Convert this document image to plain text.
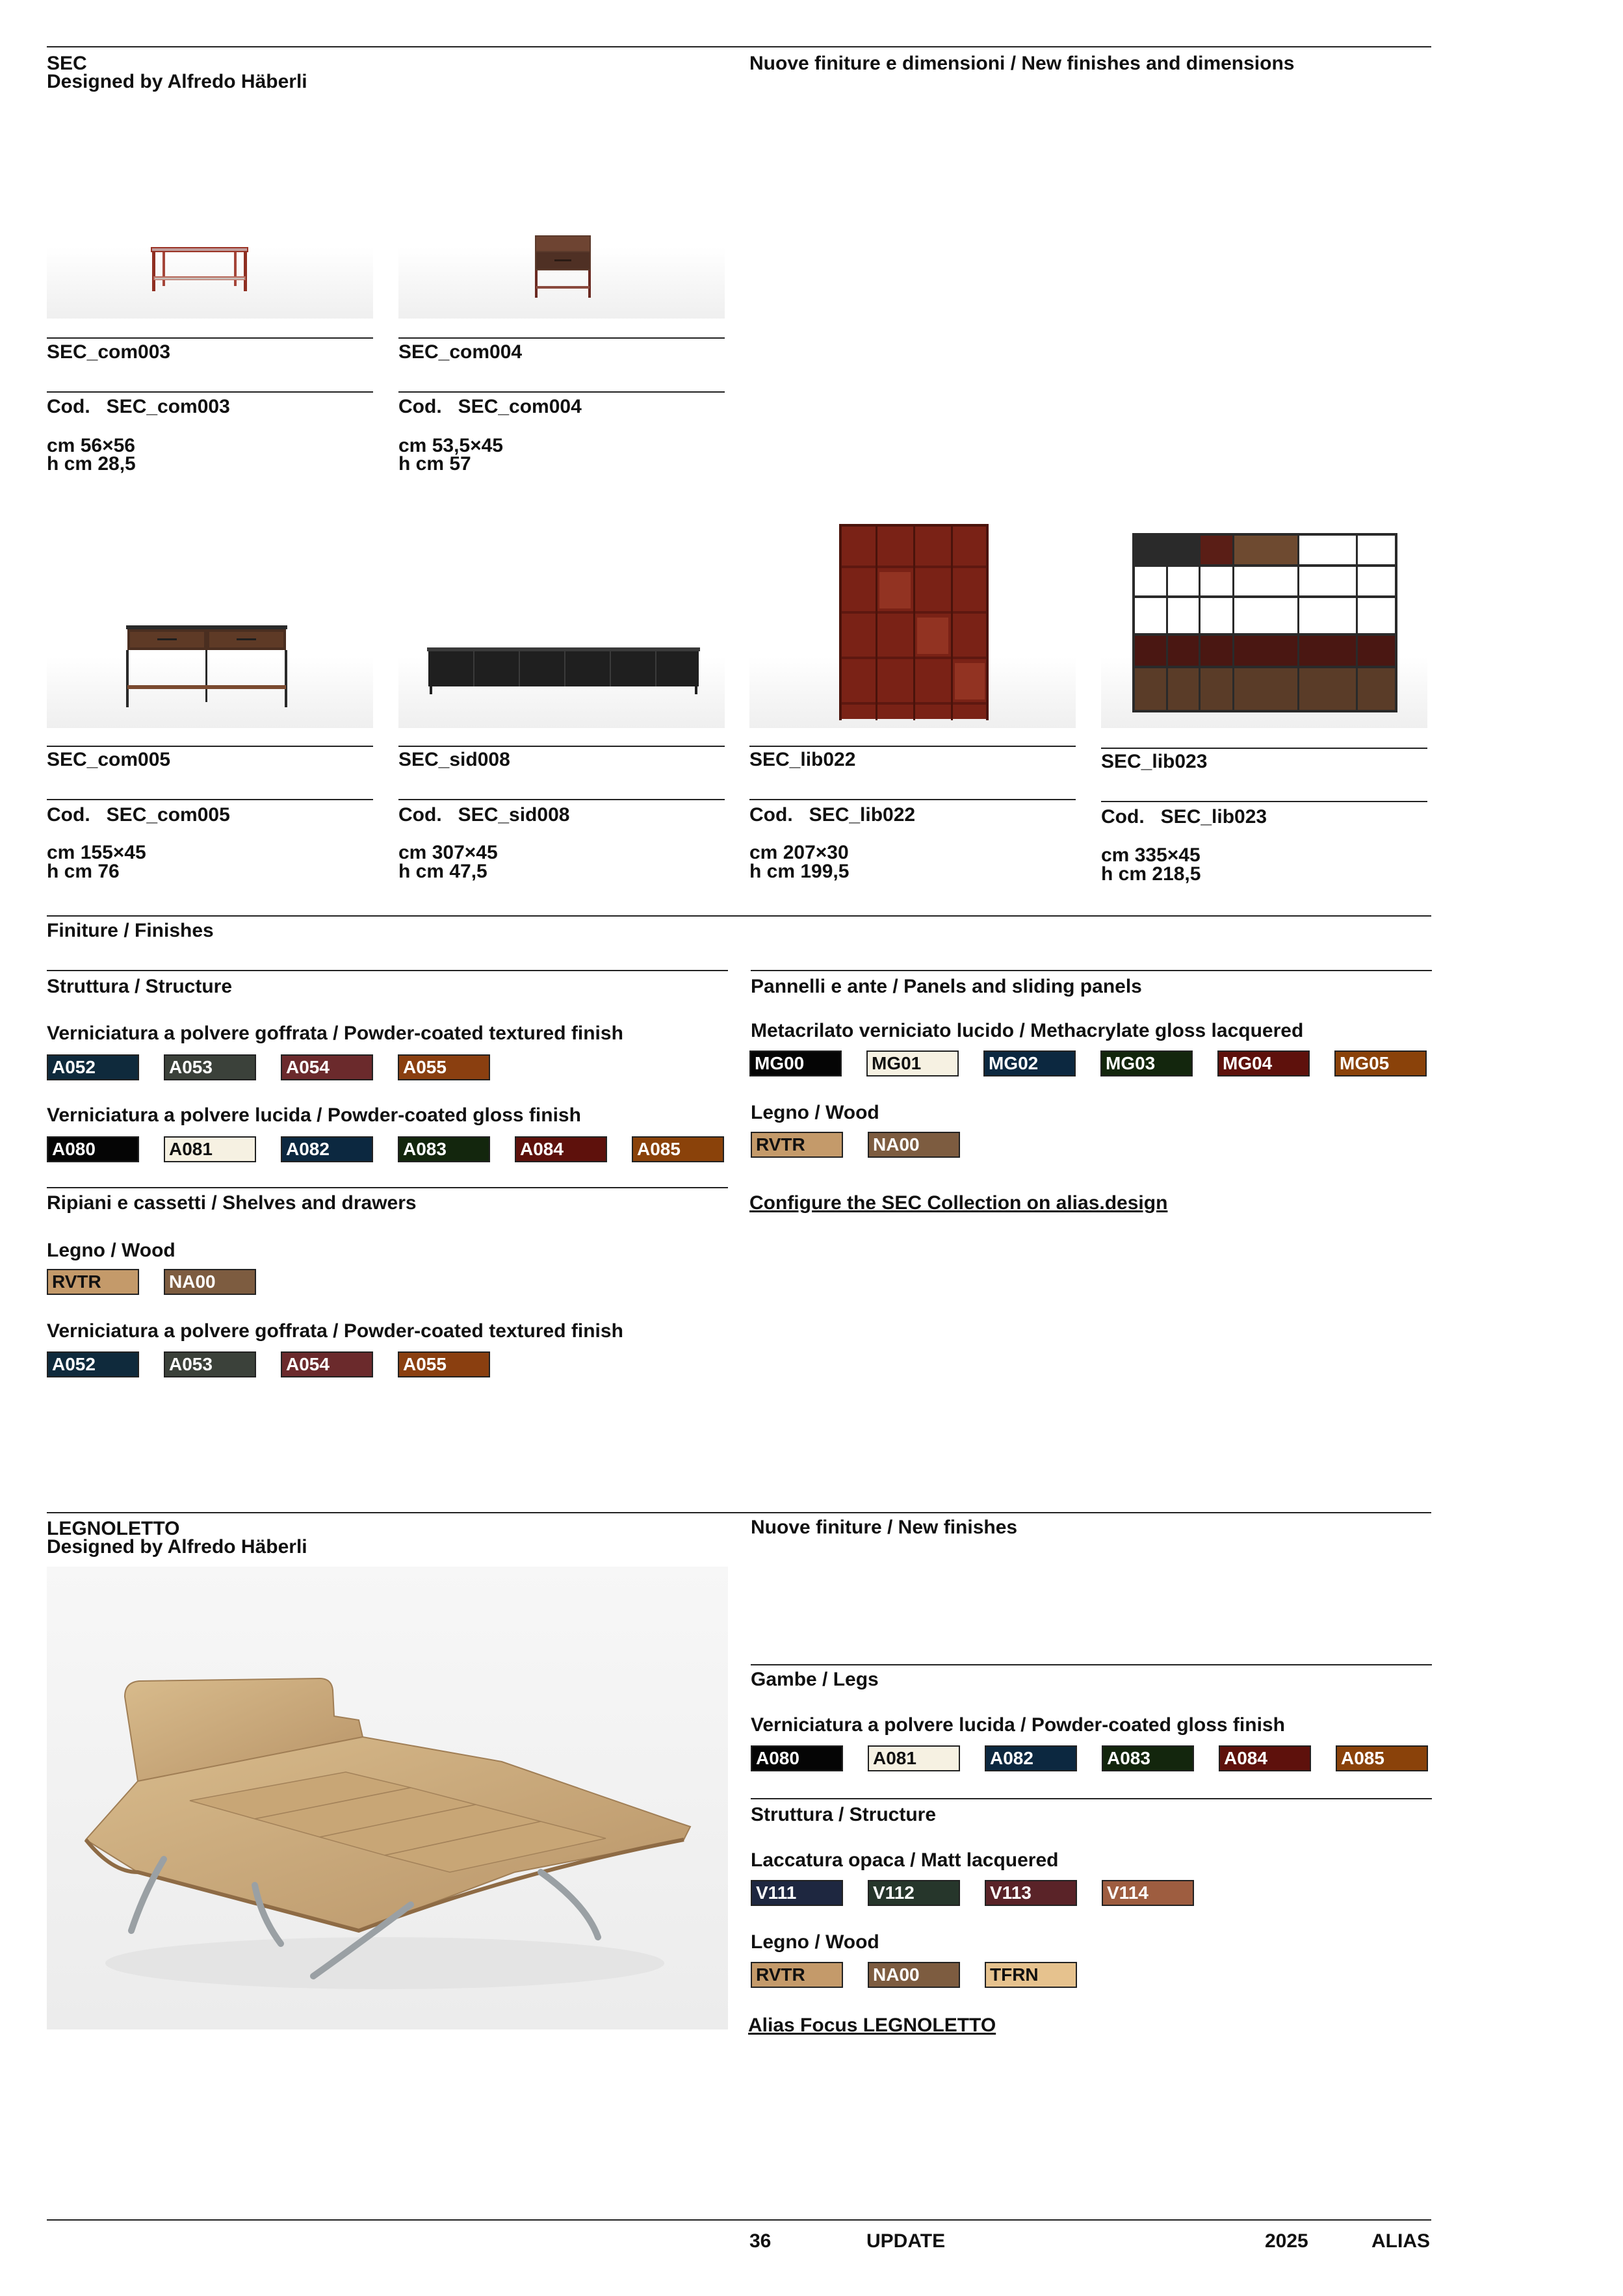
SEC
Designed by Alfredo Häberli
Nuove finiture e dimensioni / New finishes and dimensions
SEC_com003	SEC_com004
Cod. SEC_com003	Cod. SEC_com004
cm 56×56
h cm 28,5
cm 53,5×45
h cm 57
SEC_com005	SEC_sid008	SEC_lib022	SEC_lib023
Cod. SEC_com005	Cod. SEC_sid008	Cod. SEC_lib022	Cod. SEC_lib023
cm 155×45
h cm 76
cm 307×45
h cm 47,5
cm 207×30
h cm 199,5
cm 335×45
h cm 218,5
Finiture / Finishes
Struttura / Structure	Pannelli e ante / Panels and sliding panels
Verniciatura a polvere goffrata / Powder-coated textured finish
A052	A053	A054	A055
Verniciatura a polvere lucida / Powder-coated gloss finish
A080	A081	A082	A083	A084	A085
Metacrilato verniciato lucido / Methacrylate gloss lacquered
MG00	MG01	MG02	MG03	MG04	MG05
Legno / Wood
RVTR	NA00
Ripiani e cassetti / Shelves and drawers	Configure the SEC Collection on alias.design
Legno / Wood
RVTR	NA00
Verniciatura a polvere goffrata / Powder-coated textured finish
A052	A053	A054	A055
LEGNOLETTO
Designed by Alfredo Häberli
Nuove finiture / New finishes
Gambe / Legs
Verniciatura a polvere lucida / Powder-coated gloss finish
A080	A081	A082	A083	A084	A085
Struttura / Structure
Laccatura opaca / Matt lacquered
V111	V112	V113	V114
Legno / Wood
RVTR	NA00	TFRN
Alias Focus LEGNOLETTO
36	UPDATE	2025	ALIAS
